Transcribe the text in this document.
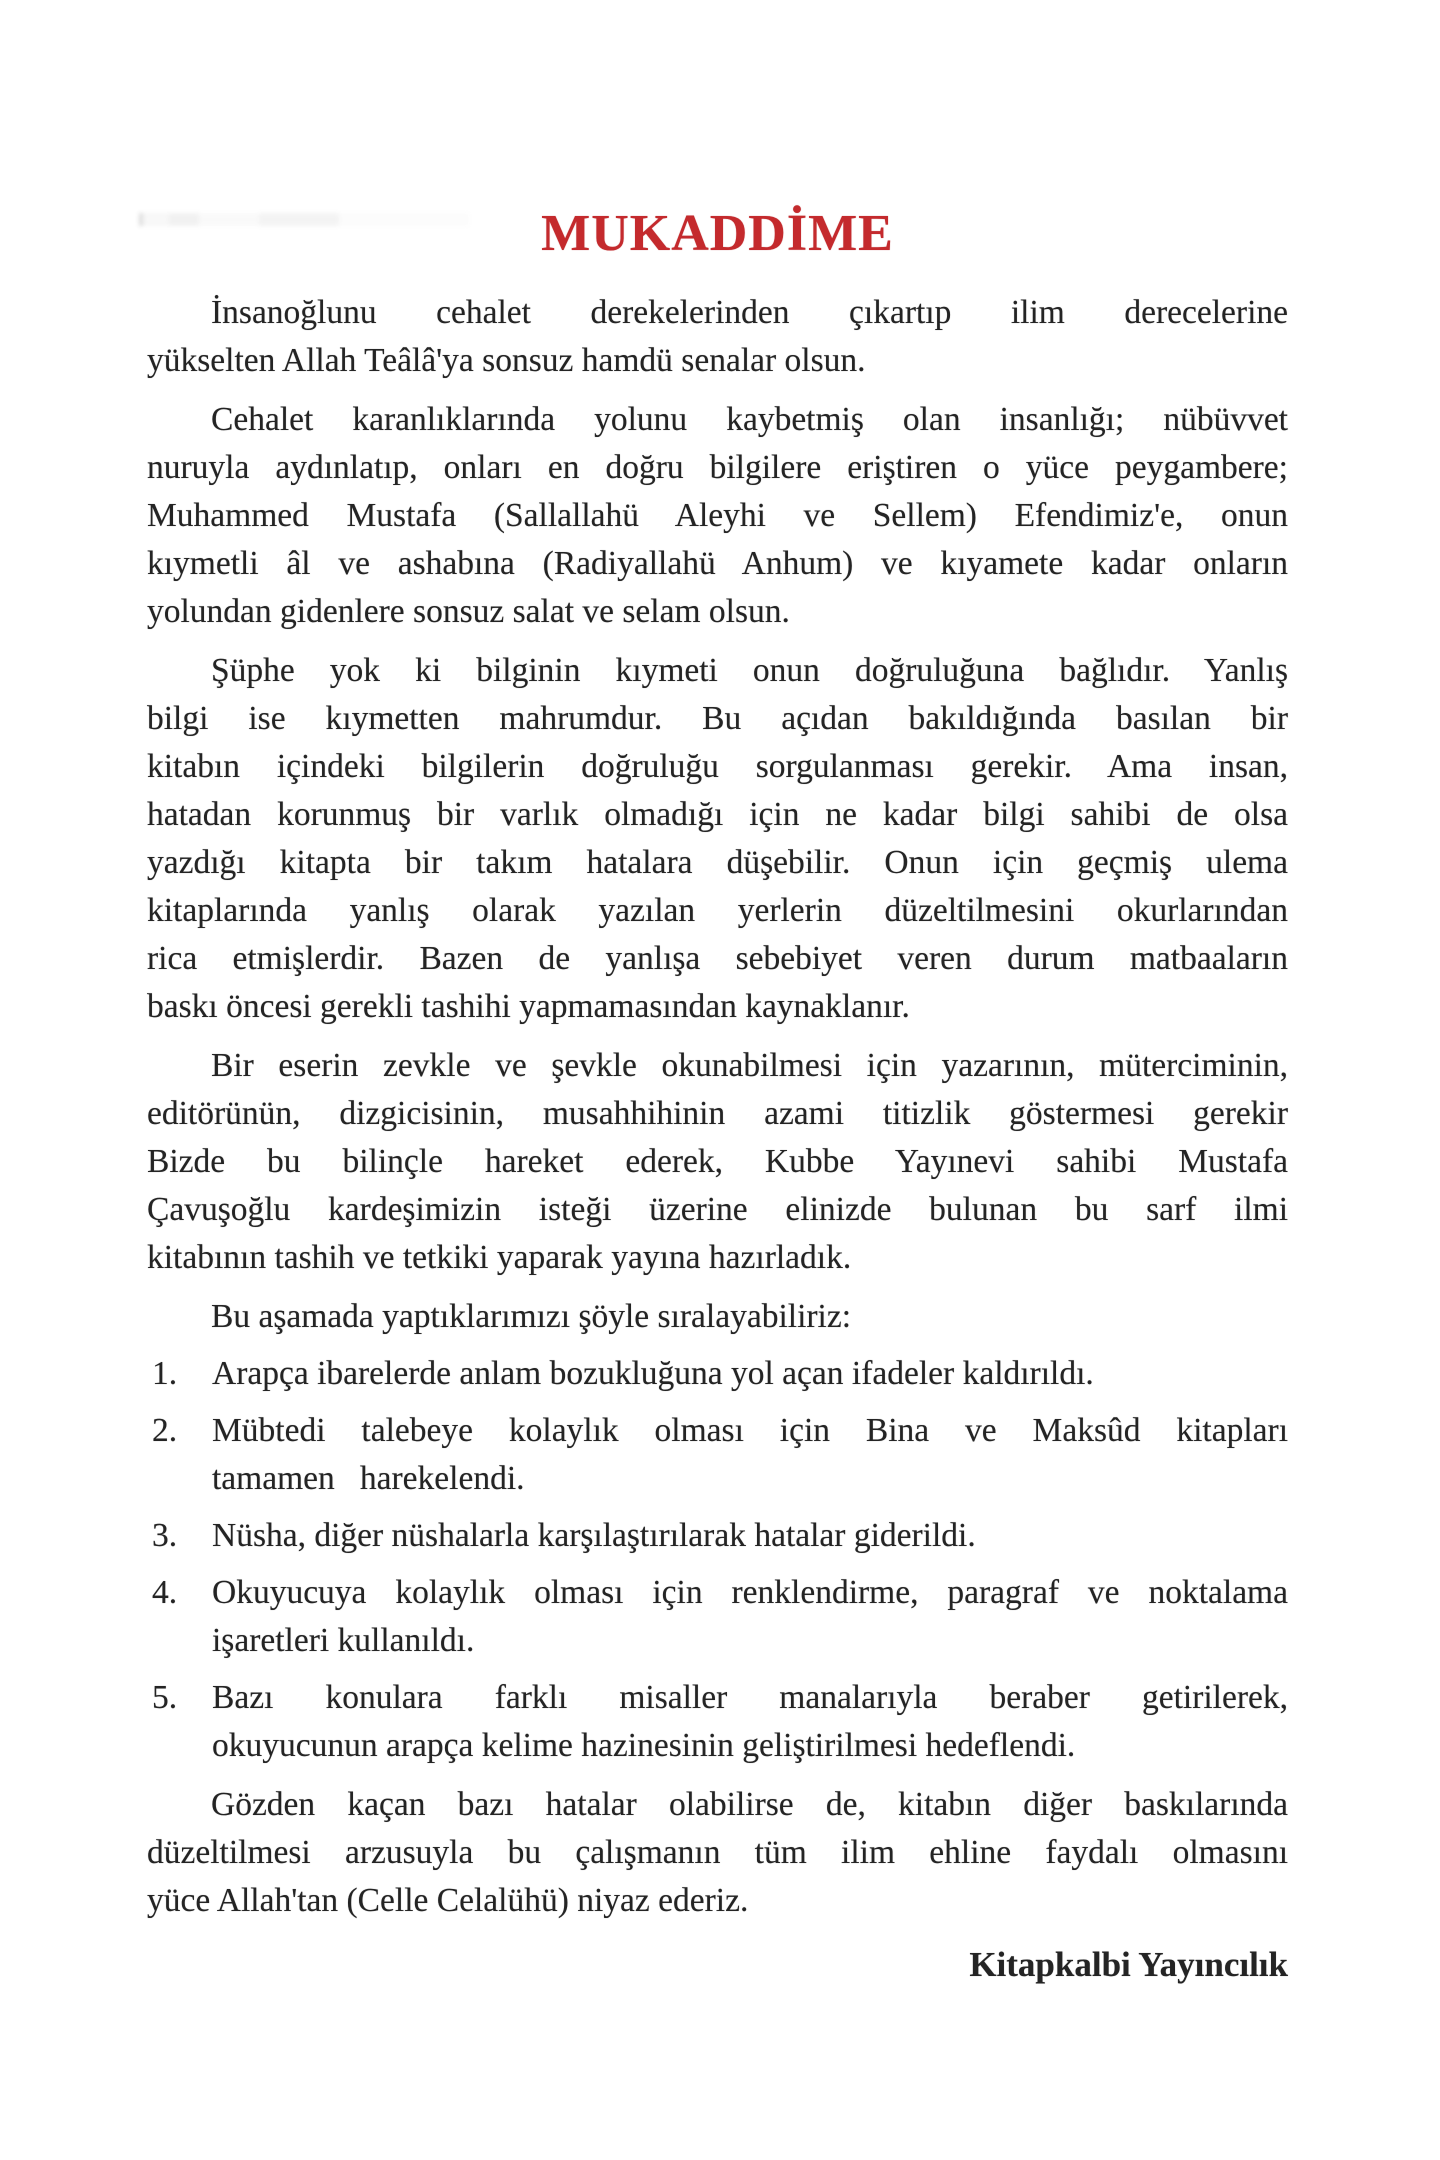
MUKADDİME
İnsanoğlunu cehalet derekelerinden çıkartıp ilim derecelerine
yükselten Allah Teâlâ'ya sonsuz hamdü senalar olsun.
Cehalet karanlıklarında yolunu kaybetmiş olan insanlığı; nübüvvet
nuruyla aydınlatıp, onları en doğru bilgilere eriştiren o yüce peygambere;
Muhammed Mustafa (Sallallahü Aleyhi ve Sellem) Efendimiz'e, onun
kıymetli âl ve ashabına (Radiyallahü Anhum) ve kıyamete kadar onların
yolundan gidenlere sonsuz salat ve selam olsun.
Şüphe yok ki bilginin kıymeti onun doğruluğuna bağlıdır. Yanlış
bilgi ise kıymetten mahrumdur. Bu açıdan bakıldığında basılan bir
kitabın içindeki bilgilerin doğruluğu sorgulanması gerekir. Ama insan,
hatadan korunmuş bir varlık olmadığı için ne kadar bilgi sahibi de olsa
yazdığı kitapta bir takım hatalara düşebilir. Onun için geçmiş ulema
kitaplarında yanlış olarak yazılan yerlerin düzeltilmesini okurlarından
rica etmişlerdir. Bazen de yanlışa sebebiyet veren durum matbaaların
baskı öncesi gerekli tashihi yapmamasından kaynaklanır.
Bir eserin zevkle ve şevkle okunabilmesi için yazarının, müterciminin,
editörünün, dizgicisinin, musahhihinin azami titizlik göstermesi gerekir
Bizde bu bilinçle hareket ederek, Kubbe Yayınevi sahibi Mustafa
Çavuşoğlu kardeşimizin isteği üzerine elinizde bulunan bu sarf ilmi
kitabının tashih ve tetkiki yaparak yayına hazırladık.
Bu aşamada yaptıklarımızı şöyle sıralayabiliriz:
1.	Arapça ibarelerde anlam bozukluğuna yol açan ifadeler kaldırıldı.
2.	Mübtedi talebeye kolaylık olması için Bina ve Maksûd kitapları
tamamen   harekelendi.
3.	Nüsha, diğer nüshalarla karşılaştırılarak hatalar giderildi.
4.	Okuyucuya kolaylık olması için renklendirme, paragraf ve noktalama
işaretleri kullanıldı.
5.	Bazı konulara farklı misaller manalarıyla beraber getirilerek,
okuyucunun arapça kelime hazinesinin geliştirilmesi hedeflendi.
Gözden kaçan bazı hatalar olabilirse de, kitabın diğer baskılarında
düzeltilmesi arzusuyla bu çalışmanın tüm ilim ehline faydalı olmasını
yüce Allah'tan (Celle Celalühü) niyaz ederiz.
Kitapkalbi Yayıncılık
